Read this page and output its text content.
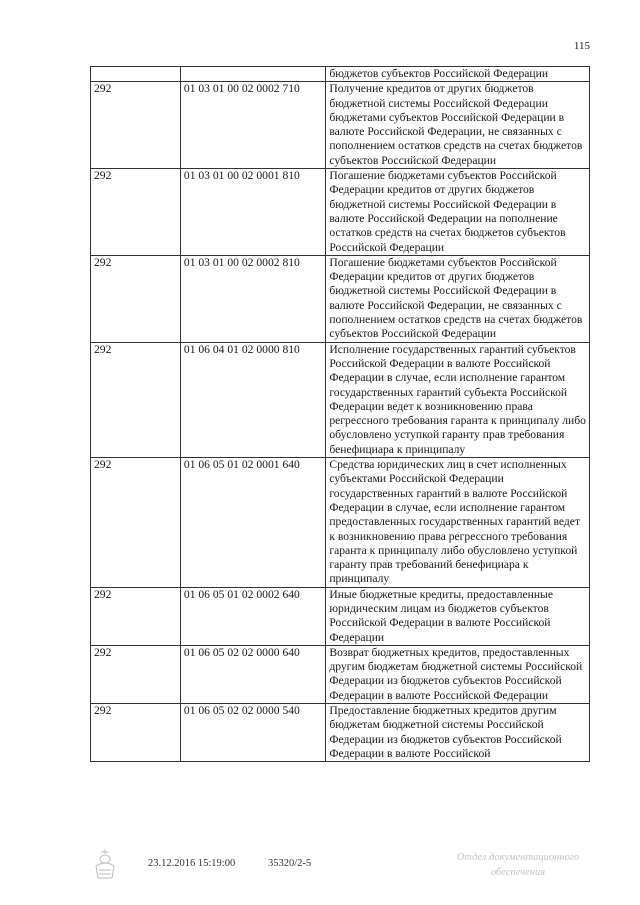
115
		бюджетов субъектов Российской Федерации
292	01 03 01 00 02 0002 710	Получение кредитов от других бюджетов бюджетной системы Российской Федерации бюджетами субъектов Российской Федерации в валюте Российской Федерации, не связанных с пополнением остатков средств на счетах бюджетов субъектов Российской Федерации
292	01 03 01 00 02 0001 810	Погашение бюджетами субъектов Российской Федерации кредитов от других бюджетов бюджетной системы Российской Федерации в валюте Российской Федерации на пополнение остатков средств на счетах бюджетов субъектов Российской Федерации
292	01 03 01 00 02 0002 810	Погашение бюджетами субъектов Российской Федерации кредитов от других бюджетов бюджетной системы Российской Федерации в валюте Российской Федерации, не связанных с пополнением остатков средств на счетах бюджетов субъектов Российской Федерации
292	01 06 04 01 02 0000 810	Исполнение государственных гарантий субъектов Российской Федерации в валюте Российской Федерации в случае, если исполнение гарантом государственных гарантий субъекта Российской Федерации ведет к возникновению права регрессного требования гаранта к принципалу либо обусловлено уступкой гаранту прав требования бенефициара к принципалу
292	01 06 05 01 02 0001 640	Средства юридических лиц в счет исполненных субъектами Российской Федерации государственных гарантий в валюте Российской Федерации в случае, если исполнение гарантом предоставленных государственных гарантий ведет к возникновению права регрессного требования гаранта к принципалу либо обусловлено уступкой гаранту прав требований бенефициара к принципалу
292	01 06 05 01 02 0002 640	Иные бюджетные кредиты, предоставленные юридическим лицам из бюджетов субъектов Российской Федерации в валюте Российской Федерации
292	01 06 05 02 02 0000 640	Возврат бюджетных кредитов, предоставленных другим бюджетам бюджетной системы Российской Федерации из бюджетов субъектов Российской Федерации в валюте Российской Федерации
292	01 06 05 02 02 0000 540	Предоставление бюджетных кредитов другим бюджетам бюджетной системы Российской Федерации из бюджетов субъектов Российской Федерации в валюте Российской
23.12.2016 15:19:00	35320/2-5
Отдел документационного обеспечения
